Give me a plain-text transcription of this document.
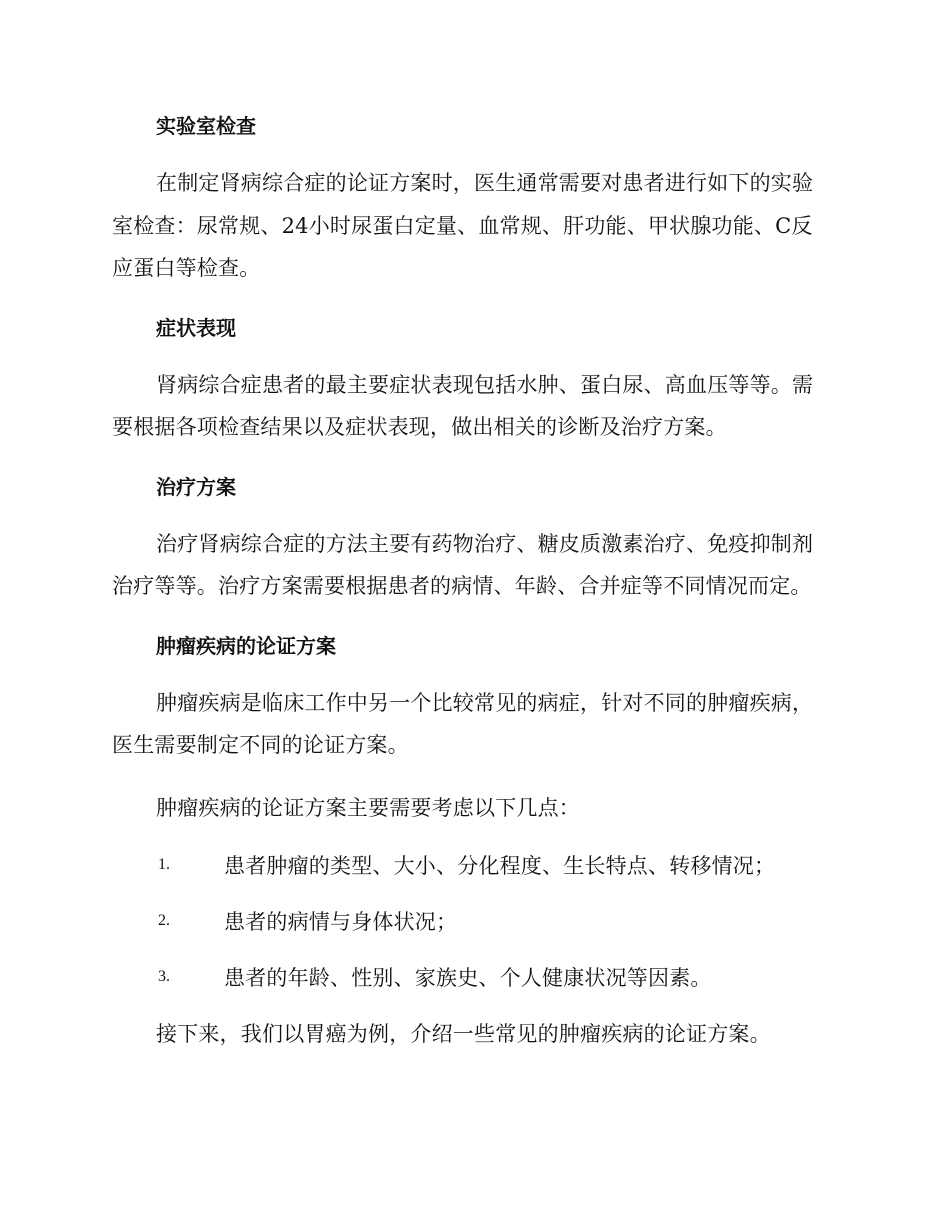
实验室检查

在制定肾病综合症的论证方案时，医生通常需要对患者进行如下的实验室检查：尿常规、24小时尿蛋白定量、血常规、肝功能、甲状腺功能、C反应蛋白等检查。

症状表现

肾病综合症患者的最主要症状表现包括水肿、蛋白尿、高血压等等。需要根据各项检查结果以及症状表现，做出相关的诊断及治疗方案。

治疗方案

治疗肾病综合症的方法主要有药物治疗、糖皮质激素治疗、免疫抑制剂治疗等等。治疗方案需要根据患者的病情、年龄、合并症等不同情况而定。

肿瘤疾病的论证方案

肿瘤疾病是临床工作中另一个比较常见的病症，针对不同的肿瘤疾病，医生需要制定不同的论证方案。

肿瘤疾病的论证方案主要需要考虑以下几点：

1.	患者肿瘤的类型、大小、分化程度、生长特点、转移情况；
2.	患者的病情与身体状况；
3.	患者的年龄、性别、家族史、个人健康状况等因素。

接下来，我们以胃癌为例，介绍一些常见的肿瘤疾病的论证方案。
